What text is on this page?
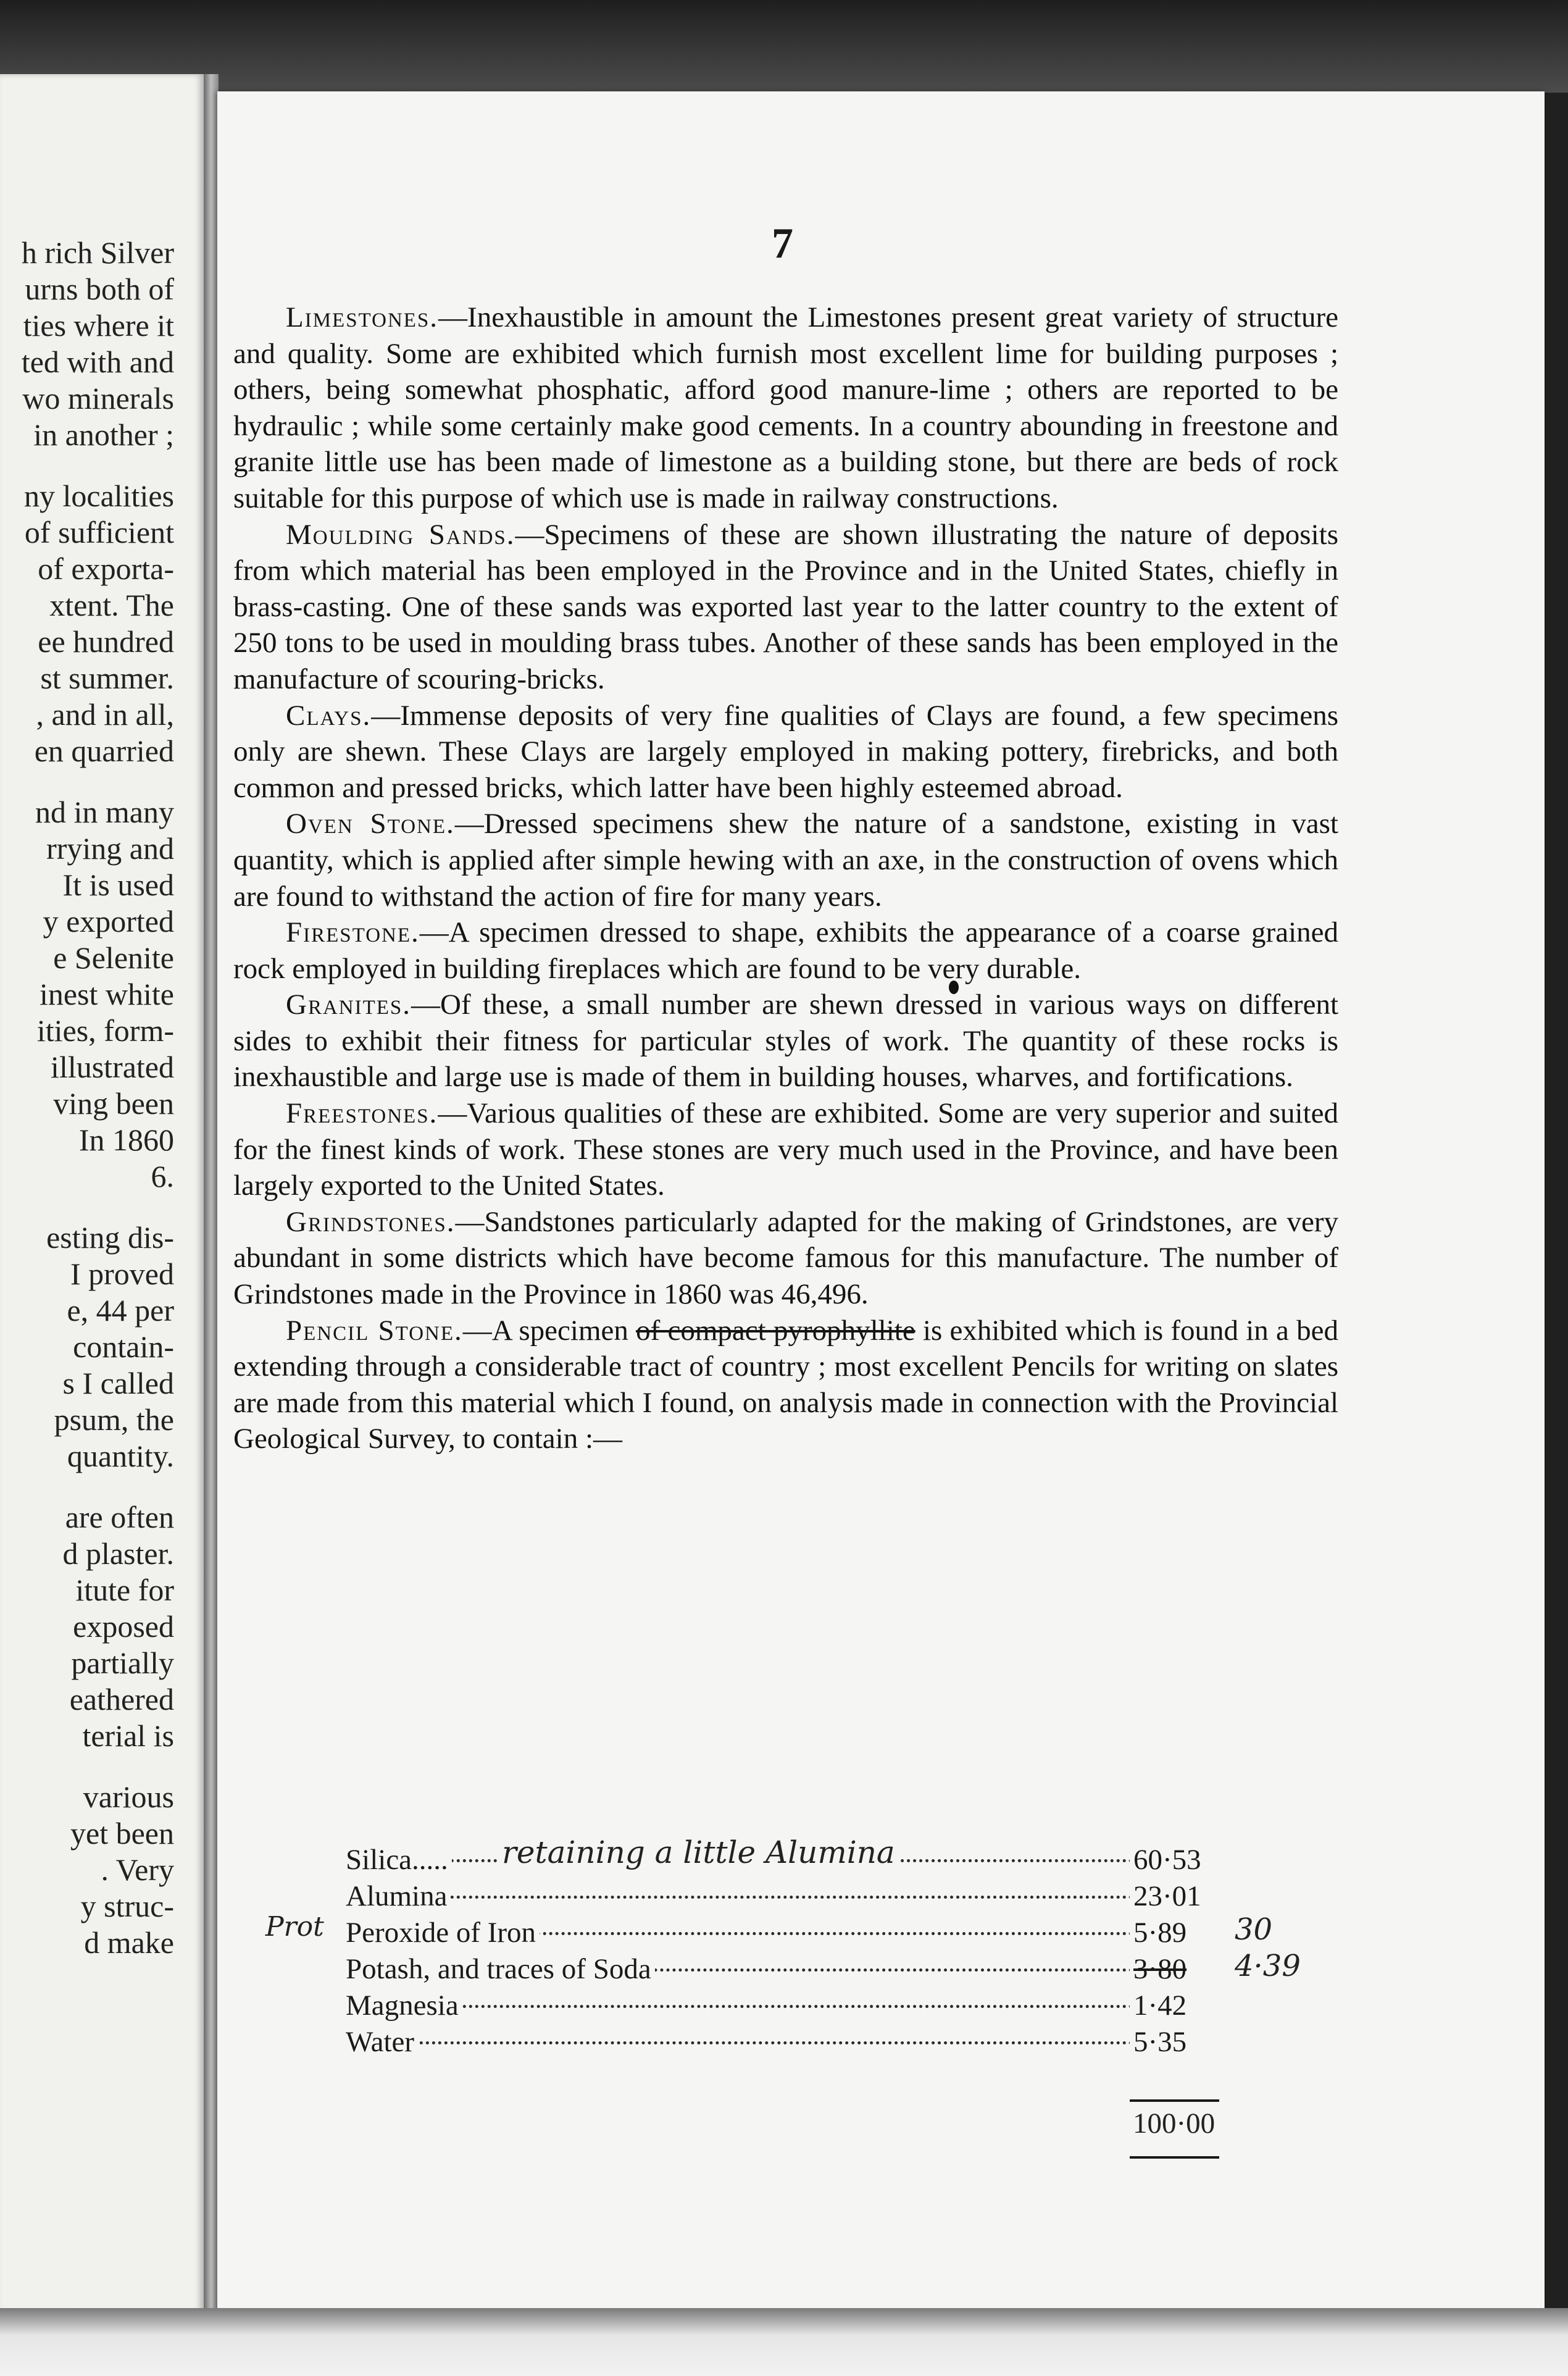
h rich Silver
urns both of
ties where it
ted with and
wo minerals
in another ;
ny localities
of sufficient
of exporta-
xtent. The
ee hundred
st summer.
, and in all,
en quarried
nd in many
rrying and
It is used
y exported
e Selenite
inest white
ities, form-
illustrated
ving been
In 1860
6.
esting dis-
I proved
e, 44 per
contain-
s I called
psum, the
quantity.
are often
d plaster.
itute for
exposed
partially
eathered
terial is
various
yet been
. Very
y struc-
d make
7

Limestones.—Inexhaustible in amount the Limestones present great variety of structure and quality. Some are exhibited which furnish most excellent lime for building purposes ; others, being somewhat phosphatic, afford good manure-lime ; others are reported to be hydraulic ; while some certainly make good cements. In a country abounding in freestone and granite little use has been made of limestone as a building stone, but there are beds of rock suitable for this purpose of which use is made in railway constructions.

Moulding Sands.—Specimens of these are shown illustrating the nature of deposits from which material has been employed in the Province and in the United States, chiefly in brass-casting. One of these sands was exported last year to the latter country to the extent of 250 tons to be used in moulding brass tubes. Another of these sands has been employed in the manufacture of scouring-bricks.

Clays.—Immense deposits of very fine qualities of Clays are found, a few specimens only are shewn. These Clays are largely employed in making pottery, firebricks, and both common and pressed bricks, which latter have been highly esteemed abroad.

Oven Stone.—Dressed specimens shew the nature of a sandstone, existing in vast quantity, which is applied after simple hewing with an axe, in the construction of ovens which are found to withstand the action of fire for many years.

Firestone.—A specimen dressed to shape, exhibits the appearance of a coarse grained rock employed in building fireplaces which are found to be very durable.

Granites.—Of these, a small number are shewn dressed in various ways on different sides to exhibit their fitness for particular styles of work. The quantity of these rocks is inexhaustible and large use is made of them in building houses, wharves, and fortifications.

Freestones.—Various qualities of these are exhibited. Some are very superior and suited for the finest kinds of work. These stones are very much used in the Province, and have been largely exported to the United States.

Grindstones.—Sandstones particularly adapted for the making of Grindstones, are very abundant in some districts which have become famous for this manufacture. The number of Grindstones made in the Province in 1860 was 46,496.

Pencil Stone.—A specimen of compact pyrophyllite is exhibited which is found in a bed extending through a considerable tract of country ; most excellent Pencils for writing on slates are made from this material which I found, on analysis made in connection with the Provincial Geological Survey, to contain :—

Silica.....	60·53
retaining a little Alumina
Alumina	23·01
Peroxide of Iron	5·89
Prot	30
Potash, and traces of Soda	3·80 4·39
Magnesia	1·42
Water	5·35
100·00
